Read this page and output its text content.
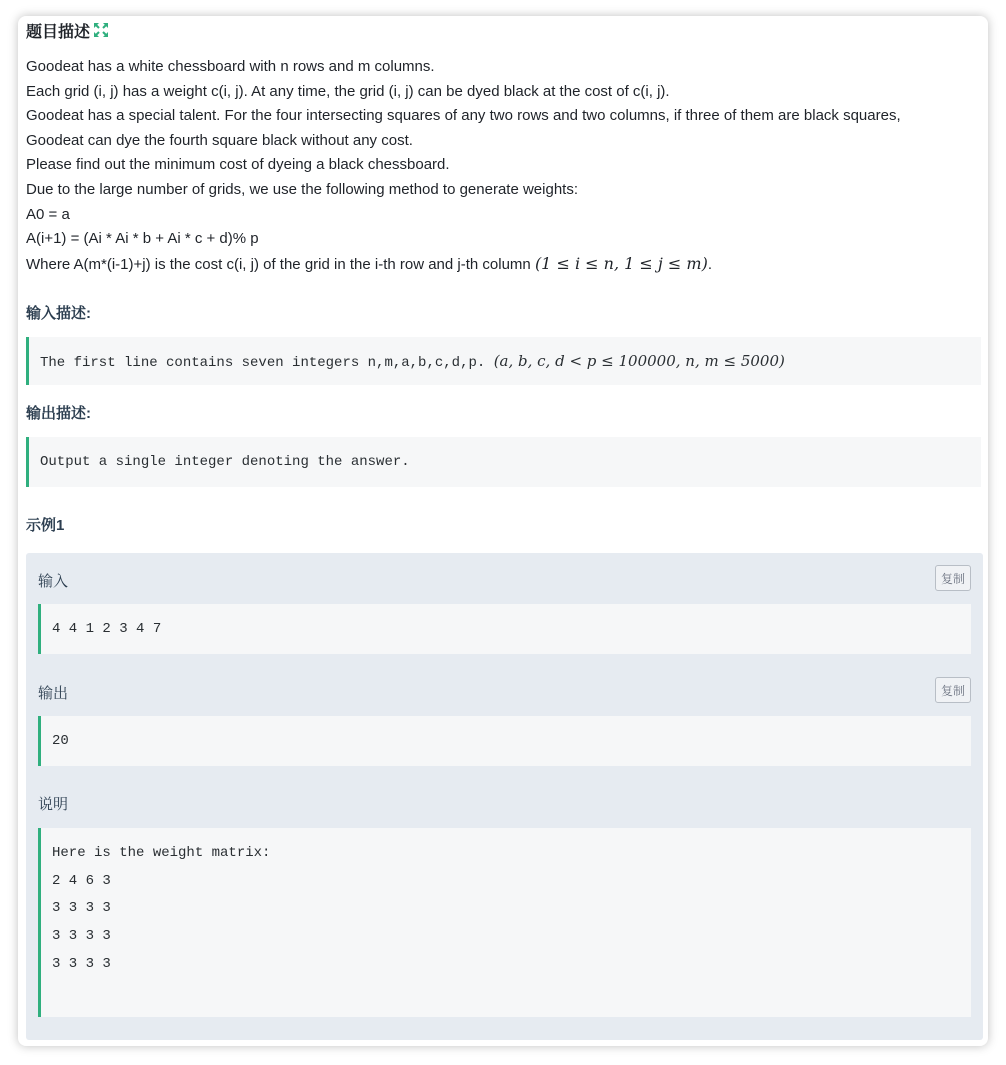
题目描述

Goodeat has a white chessboard with n rows and m columns.

Each grid (i, j) has a weight c(i, j). At any time, the grid (i, j) can be dyed black at the cost of c(i, j).

Goodeat has a special talent. For the four intersecting squares of any two rows and two columns, if three of them are black squares,

Goodeat can dye the fourth square black without any cost.

Please find out the minimum cost of dyeing a black chessboard.

Due to the large number of grids, we use the following method to generate weights:

A0 = a

A(i+1) = (Ai * Ai * b + Ai * c + d)% p

Where A(m*(i-1)+j) is the cost c(i, j) of the grid in the i-th row and j-th column (1 ≤ i ≤ n, 1 ≤ j ≤ m).

输入描述:
The first line contains seven integers n,m,a,b,c,d,p. (a, b, c, d < p ≤ 100000, n, m ≤ 5000)
输出描述:
Output a single integer denoting the answer.
示例1
输入	复制
4 4 1 2 3 4 7
输出	复制
20
说明
Here is the weight matrix:
2 4 6 3
3 3 3 3
3 3 3 3
3 3 3 3
